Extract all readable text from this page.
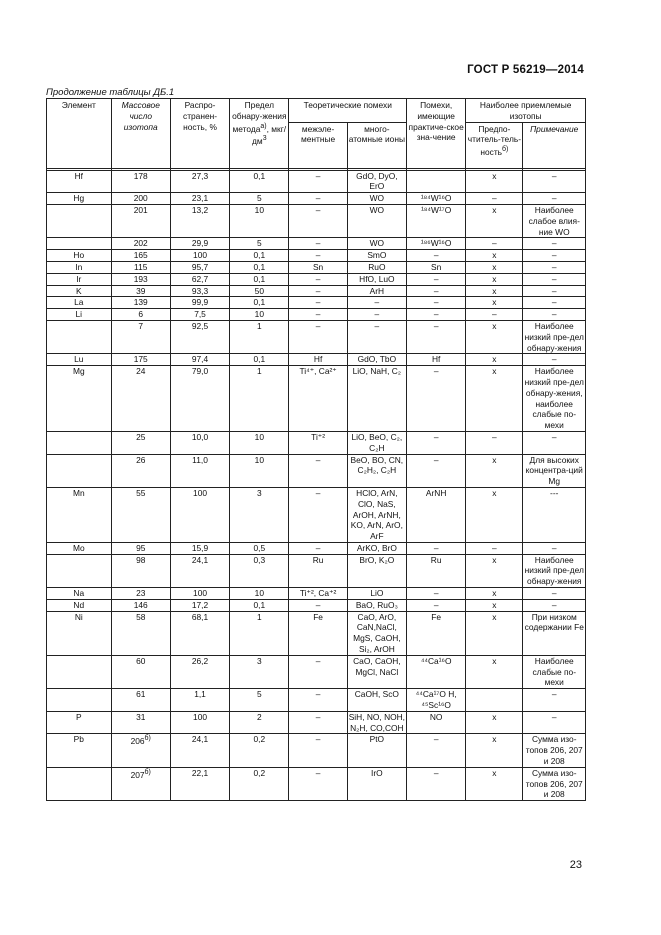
ГОСТ Р 56219—2014
Продолжение таблицы ДБ.1
Элемент	Массовое число изотопа	Распро-странен-ность, %	Предел обнару-жения метода$^{а)}$, мкг/$дм^3$	Теоретические помехи		Помехи, имеющие практиче-ское зна-чение	Наиболее приемлемые изотопы	
				межэле-ментные	много-атомные ионы		Предпо-чтитель-тель-ность$^{б)}$	Примечание

Hf	178	27,3	0,1	–	GdO, DyO, ErO		x	–
Hg	200	23,1	5	–	WO	¹⁸⁴W¹⁶O	–	–
	201	13,2	10	–	WO	¹⁸⁴W¹⁷O	x	Наиболее слабое влия-ние WO
	202	29,9	5	–	WO	¹⁸⁶W¹⁶O	–	–
Ho	165	100	0,1	–	SmO	–	x	–
In	115	95,7	0,1	Sn	RuO	Sn	x	–
Ir	193	62,7	0,1	–	HfO, LuO	–	x	–
K	39	93,3	50	–	ArH	–	x	–
La	139	99,9	0,1	–	–	–	x	–
Li	6	7,5	10	–	–	–	–	–
	7	92,5	1	–	–	–	x	Наиболее низкий пре-дел обнару-жения
Lu	175	97,4	0,1	Hf	GdO, TbO	Hf	x	–
Mg	24	79,0	1	Ti⁴⁺, Ca²⁺	LiO, NaH, C₂	–	x	Наиболее низкий пре-дел обнару-жения, наиболее слабые по-мехи
	25	10,0	10	Ti⁺²	LiO, BeO, C₂, C₂H	–	–	–
	26	11,0	10	–	BeO, BO, CN, C₂H₂, C₂H	–	x	Для высоких концентра-ций Mg
Mn	55	100	3	–	HClO, ArN, ClO, NaS, ArOH, ArNH, KO, ArN, ArO, ArF	ArNH	x	---
Mo	95	15,9	0,5	–	ArKO, BrO	–	–	–
	98	24,1	0,3	Ru	BrO, K₂O	Ru	x	Наиболее низкий пре-дел обнару-жения
Na	23	100	10	Ti⁺², Ca⁺²	LiO	–	x	–
Nd	146	17,2	0,1	–	BaO, RuO₃	–	x	–
Ni	58	68,1	1	Fe	CaO, ArO, CaN,NaCl, MgS, CaOH, Si₂, ArOH	Fe	x	При низком содержании Fe
	60	26,2	3	–	CaO, CaOH, MgCl, NaCl	⁴⁴Ca¹⁶O	x	Наиболее слабые по-мехи
	61	1,1	5	–	CaOH, ScO	⁴⁴Ca¹⁷O H, ⁴⁵Sc¹⁶O		–
P	31	100	2	–	SiH, NO, NOH, N₂H, CO,COH	NO	x	–
Pb	$206^{б)}$	24,1	0,2	–	PtO	–	x	Сумма изо-топов 206, 207 и 208
	$207^{б)}$	22,1	0,2	–	IrO	–	x	Сумма изо-топов 206, 207 и 208
23
